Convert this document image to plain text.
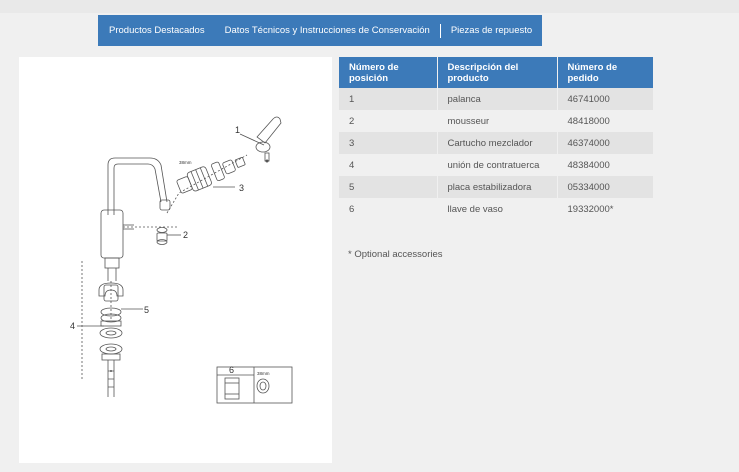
Productos Destacados	Datos Técnicos y Instrucciones de Conservación	Piezas de repuesto
1
2
3
4
5
6
38mm
38mm
Número de posición	Descripción del producto	Número de pedido
1	palanca	46741000
2	mousseur	48418000
3	Cartucho mezclador	46374000
4	unión de contratuerca	48384000
5	placa estabilizadora	05334000
6	llave de vaso	19332000*
* Optional accessories
